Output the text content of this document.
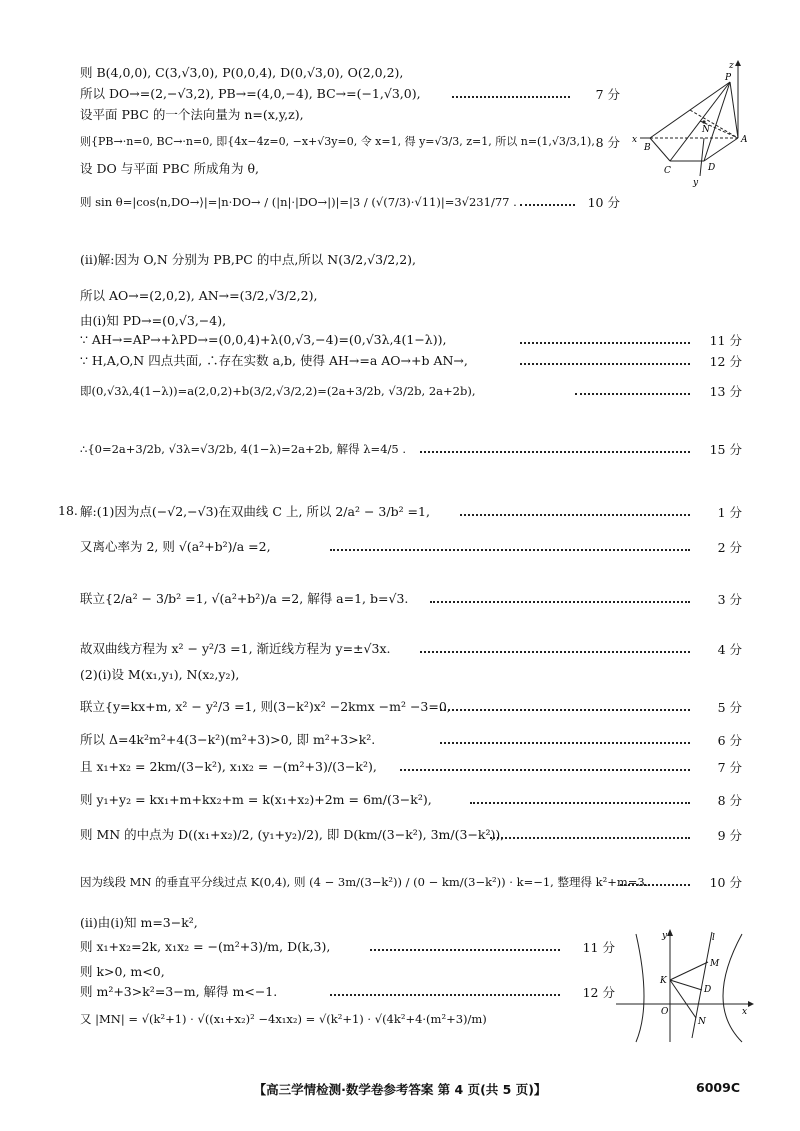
则 B(4,0,0), C(3,√3,0), P(0,0,4), D(0,√3,0), O(2,0,2),
所以 DO→=(2,−√3,2), PB→=(4,0,−4), BC→=(−1,√3,0),	7 分
设平面 PBC 的一个法向量为 n=(x,y,z),
则{PB→·n=0, BC→·n=0, 即{4x−4z=0, −x+√3y=0, 令 x=1, 得 y=√3/3, z=1, 所以 n=(1,√3/3,1), 8 分
设 DO 与平面 PBC 所成角为 θ,
则 sin θ=|cos⟨n,DO→⟩|=|n·DO→ / (|n|·|DO→|)|=|3 / (√(7/3)·√11)|=3√231/77 .	10 分
(ii)解:因为 O,N 分别为 PB,PC 的中点,所以 N(3/2,√3/2,2),
所以 AO→=(2,0,2), AN→=(3/2,√3/2,2),
由(i)知 PD→=(0,√3,−4),
∵ AH→=AP→+λPD→=(0,0,4)+λ(0,√3,−4)=(0,√3λ,4(1−λ)),	11 分
∵ H,A,O,N 四点共面, ∴存在实数 a,b, 使得 AH→=a AO→+b AN→,	12 分
即(0,√3λ,4(1−λ))=a(2,0,2)+b(3/2,√3/2,2)=(2a+3/2b, √3/2b, 2a+2b),	13 分
∴{0=2a+3/2b, √3λ=√3/2b, 4(1−λ)=2a+2b, 解得 λ=4/5 .	15 分
18. 解:(1)因为点(−√2,−√3)在双曲线 C 上, 所以 2/a² − 3/b² =1,	1 分
又离心率为 2, 则 √(a²+b²)/a =2,	2 分
联立{2/a² − 3/b² =1, √(a²+b²)/a =2, 解得 a=1, b=√3.	3 分
故双曲线方程为 x² − y²/3 =1, 渐近线方程为 y=±√3x.	4 分
(2)(i)设 M(x₁,y₁), N(x₂,y₂),
联立{y=kx+m, x² − y²/3 =1, 则(3−k²)x² −2kmx −m² −3=0,	5 分
所以 Δ=4k²m²+4(3−k²)(m²+3)>0, 即 m²+3>k².	6 分
且 x₁+x₂ = 2km/(3−k²), x₁x₂ = −(m²+3)/(3−k²),	7 分
则 y₁+y₂ = kx₁+m+kx₂+m = k(x₁+x₂)+2m = 6m/(3−k²),	8 分
则 MN 的中点为 D((x₁+x₂)/2, (y₁+y₂)/2), 即 D(km/(3−k²), 3m/(3−k²)),	9 分
因为线段 MN 的垂直平分线过点 K(0,4), 则 (4 − 3m/(3−k²)) / (0 − km/(3−k²)) · k=−1, 整理得 k²+m=3.	10 分
(ii)由(i)知 m=3−k²,
则 x₁+x₂=2k, x₁x₂ = −(m²+3)/m, D(k,3),	11 分
则 k>0, m<0,
则 m²+3>k²=3−m, 解得 m<−1.	12 分
又 |MN| = √(k²+1) · √((x₁+x₂)² −4x₁x₂) = √(k²+1) · √(4k²+4·(m²+3)/m)
z
P
N
x
B
A
C	D
y
y	l
M
K
D
N
O	x
【高三学情检测·数学卷参考答案 第 4 页(共 5 页)】	6009C
